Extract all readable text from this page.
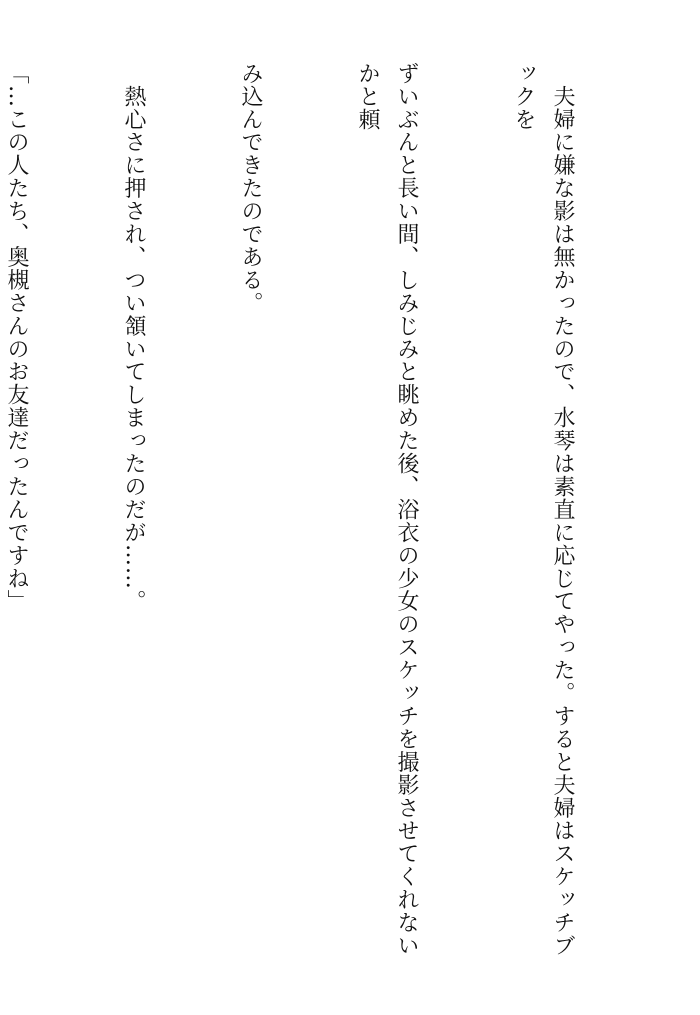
　夫婦に嫌な影は無かったので、水琴は素直に応じてやった。すると夫婦はスケッチブックを

ずいぶんと長い間、しみじみと眺めた後、浴衣の少女のスケッチを撮影させてくれないかと頼

み込んできたのである。

　熱心さに押され、つい頷いてしまったのだが……。

「…この人たち、奥槻さんのお友達だったんですね」
